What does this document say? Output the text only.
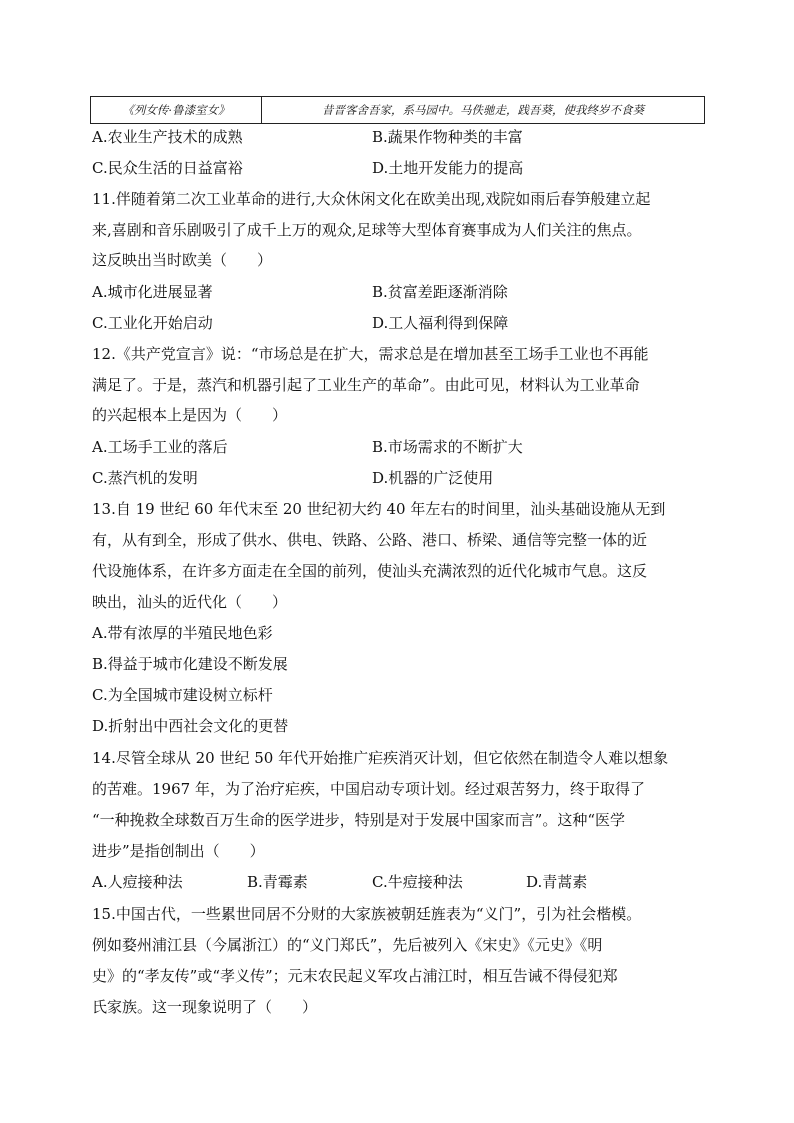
《列女传·鲁漆室女》	昔晋客舍吾家，系马园中。马佚驰走，践吾葵，使我终岁不食葵
A.农业生产技术的成熟	B.蔬果作物种类的丰富
C.民众生活的日益富裕	D.土地开发能力的提高
11.伴随着第二次工业革命的进行,大众休闲文化在欧美出现,戏院如雨后春笋般建立起
来,喜剧和音乐剧吸引了成千上万的观众,足球等大型体育赛事成为人们关注的焦点。
这反映出当时欧美（　　）
A.城市化进展显著	B.贫富差距逐渐消除
C.工业化开始启动	D.工人福利得到保障
12.《共产党宣言》说：“市场总是在扩大，需求总是在增加甚至工场手工业也不再能
满足了。于是，蒸汽和机器引起了工业生产的革命”。由此可见，材料认为工业革命
的兴起根本上是因为（　　）
A.工场手工业的落后	B.市场需求的不断扩大
C.蒸汽机的发明	D.机器的广泛使用
13.自 19 世纪 60 年代末至 20 世纪初大约 40 年左右的时间里，汕头基础设施从无到
有，从有到全，形成了供水、供电、铁路、公路、港口、桥梁、通信等完整一体的近
代设施体系，在许多方面走在全国的前列，使汕头充满浓烈的近代化城市气息。这反
映出，汕头的近代化（　　）
A.带有浓厚的半殖民地色彩
B.得益于城市化建设不断发展
C.为全国城市建设树立标杆
D.折射出中西社会文化的更替
14.尽管全球从 20 世纪 50 年代开始推广疟疾消灭计划，但它依然在制造令人难以想象
的苦难。1967 年，为了治疗疟疾，中国启动专项计划。经过艰苦努力，终于取得了
“一种挽救全球数百万生命的医学进步，特别是对于发展中国家而言”。这种“医学
进步”是指创制出（　　）
A.人痘接种法	B.青霉素	C.牛痘接种法	D.青蒿素
15.中国古代，一些累世同居不分财的大家族被朝廷旌表为“义门”，引为社会楷模。
例如婺州浦江县（今属浙江）的“义门郑氏”，先后被列入《宋史》《元史》《明
史》的“孝友传”或“孝义传”；元末农民起义军攻占浦江时，相互告诫不得侵犯郑
氏家族。这一现象说明了（　　）
